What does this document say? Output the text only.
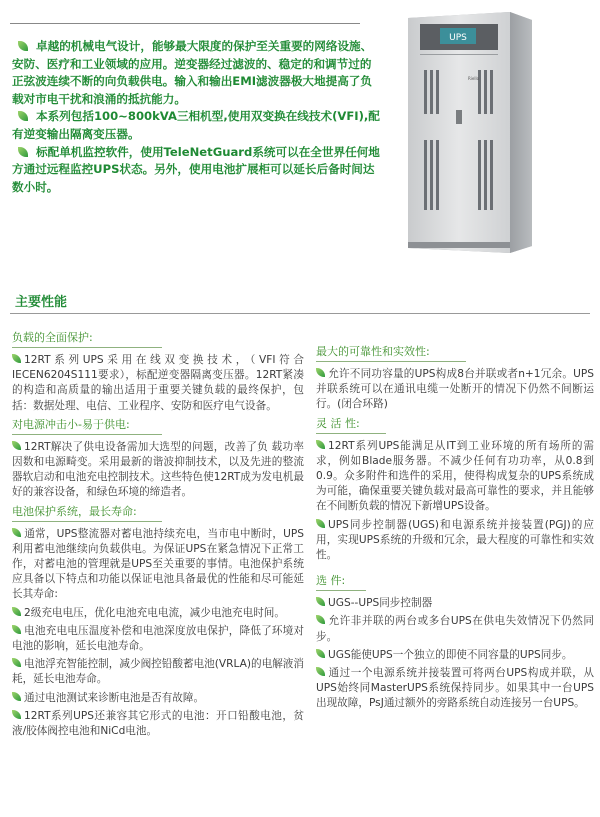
卓越的机械电气设计，能够最大限度的保护至关重要的网络设施、安防、医疗和工业领域的应用。逆变器经过滤波的、稳定的和调节过的正弦波连续不断的向负载供电。输入和输出EMI滤波器极大地提高了负载对市电干扰和浪涌的抵抗能力。

本系列包括100~800kVA三相机型,使用双变换在线技术(VFI),配有逆变输出隔离变压器。

标配单机监控软件，使用TeleNetGuard系统可以在全世界任何地方通过远程监控UPS状态。另外，使用电池扩展柜可以延长后备时间达数小时。

UPS
Riello
主要性能
负载的全面保护:
12RT系列UPS采用在线双变换技术，（VFI符合IECEN6204S111要求），标配逆变器隔离变压器。12RT紧凑的构造和高质量的输出适用于重要关键负载的最终保护，包括：数据处理、电信、工业程序、安防和医疗电气设备。
对电源冲击小-易于供电:
12RT解决了供电设备需加大选型的问题，改善了负 载功率因数和电源畸变。采用最新的谐波抑制技术，以及先进的整流器软启动和电池充电控制技术。这些特色使12RT成为发电机最好的兼容设备，和绿色环境的缔造者。
电池保护系统，最长寿命:
通常，UPS整流器对蓄电池持续充电，当市电中断时，UPS利用蓄电池继续向负载供电。为保证UPS在紧急情况下正常工作，对蓄电池的管理就是UPS至关重要的事情。电池保护系统应具备以下特点和功能以保证电池具备最优的性能和尽可能延长其寿命:
2级充电电压，优化电池充电电流，减少电池充电时间。
电池充电电压温度补偿和电池深度放电保护，降低了环境对电池的影响，延长电池寿命。
电池浮充智能控制，减少阀控铅酸蓄电池(VRLA)的电解液消耗，延长电池寿命。
通过电池测试来诊断电池是否有故障。
12RT系列UPS还兼容其它形式的电池：开口铅酸电池，贫液/胶体阀控电池和NiCd电池。
最大的可靠性和实效性:
允许不同功容量的UPS构成8台并联或者n+1冗余。UPS并联系统可以在通讯电缆一处断开的情况下仍然不间断运行。(闭合环路)
灵 活 性:
12RT系列UPS能满足从IT到工业环境的所有场所的需求，例如Blade服务器。不减少任何有功功率，从0.8到0.9。众多附件和选件的采用，使得构成复杂的UPS系统成为可能，确保重要关键负载对最高可靠性的要求，并且能够在不间断负载的情况下新增UPS设备。
UPS同步控制器(UGS)和电源系统并接装置(PGJ)的应用，实现UPS系统的升级和冗余，最大程度的可靠性和实效性。
选 件:
UGS--UPS同步控制器
允许非并联的两台或多台UPS在供电失效情况下仍然同步。
UGS能使UPS一个独立的即使不同容量的UPS同步。
通过一个电源系统并接装置可将两台UPS构成并联，从UPS始终同MasterUPS系统保持同步。如果其中一台UPS出现故障，PsJ通过额外的旁路系统自动连接另一台UPS。
